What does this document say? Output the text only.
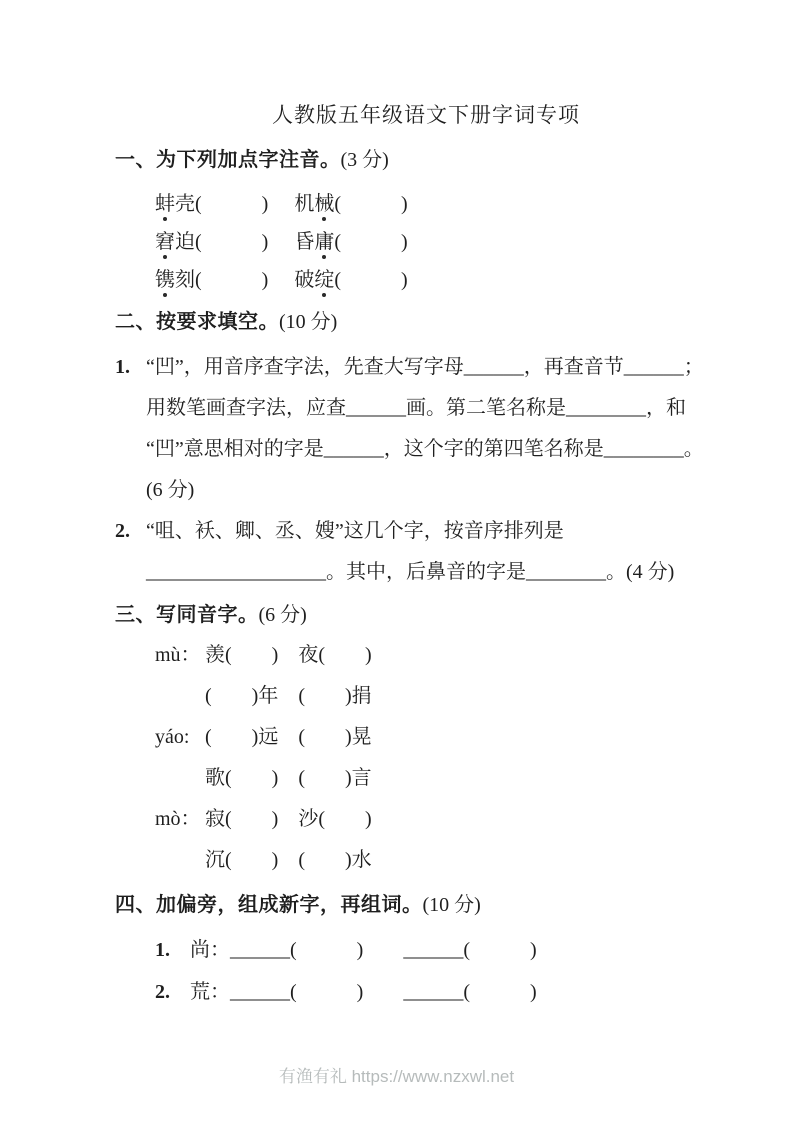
人教版五年级语文下册字词专项
一、为下列加点字注音。(3 分)
蚌壳(　　　) 机械(　　　)
窘迫(　　　) 昏庸(　　　)
镌刻(　　　) 破绽(　　　)
二、按要求填空。(10 分)
1. “凹”，用音序查字法，先查大写字母______，再查音节______；
用数笔画查字法，应查______画。第二笔名称是________，和
“凹”意思相对的字是______，这个字的第四笔名称是________。
(6 分)
2. “咀、袄、卿、丞、嫂”这几个字，按音序排列是
__________________。其中，后鼻音的字是________。(4 分)
三、写同音字。(6 分)
mù： 羡(　　)　夜(　　)
(　　)年　(　　)捐
yáo: (　　)远　(　　)晃
歌(　　)　(　　)言
mò： 寂(　　)　沙(　　)
沉(　　)　(　　)水
四、加偏旁，组成新字，再组词。(10 分)
1.　尚：______(　　　)　　______(　　　)
2.　荒：______(　　　)　　______(　　　)
有渔有礼 https://www.nzxwl.net
